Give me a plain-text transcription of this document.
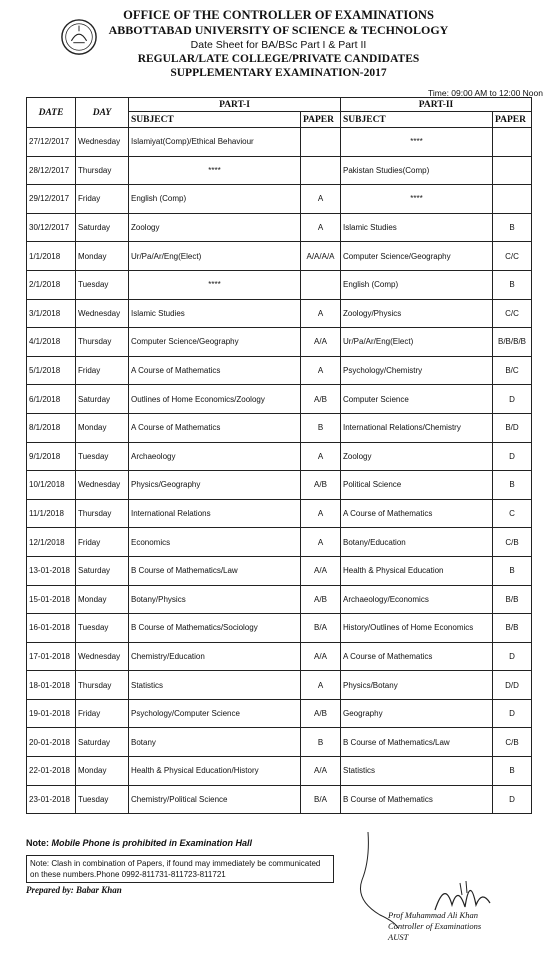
OFFICE OF THE CONTROLLER OF EXAMINATIONS
ABBOTTABAD UNIVERSITY OF SCIENCE & TECHNOLOGY
Date Sheet for BA/BSc Part I & Part II
REGULAR/LATE COLLEGE/PRIVATE CANDIDATES
SUPPLEMENTARY EXAMINATION-2017
Time: 09:00 AM to 12:00 Noon
DATE	DAY	PART-I		PART-II	
		SUBJECT	PAPER	SUBJECT	PAPER
27/12/2017	Wednesday	Islamiyat(Comp)/Ethical Behaviour		****	
28/12/2017	Thursday	****		Pakistan Studies(Comp)	
29/12/2017	Friday	English (Comp)	A	****	
30/12/2017	Saturday	Zoology	A	Islamic Studies	B
1/1/2018	Monday	Ur/Pa/Ar/Eng(Elect)	A/A/A/A	Computer Science/Geography	C/C
2/1/2018	Tuesday	****		English (Comp)	B
3/1/2018	Wednesday	Islamic Studies	A	Zoology/Physics	C/C
4/1/2018	Thursday	Computer Science/Geography	A/A	Ur/Pa/Ar/Eng(Elect)	B/B/B/B
5/1/2018	Friday	A Course of Mathematics	A	Psychology/Chemistry	B/C
6/1/2018	Saturday	Outlines of Home Economics/Zoology	A/B	Computer Science	D
8/1/2018	Monday	A Course of Mathematics	B	International Relations/Chemistry	B/D
9/1/2018	Tuesday	Archaeology	A	Zoology	D
10/1/2018	Wednesday	Physics/Geography	A/B	Political Science	B
11/1/2018	Thursday	International Relations	A	A Course of Mathematics	C
12/1/2018	Friday	Economics	A	Botany/Education	C/B
13-01-2018	Saturday	B Course of Mathematics/Law	A/A	Health & Physical Education	B
15-01-2018	Monday	Botany/Physics	A/B	Archaeology/Economics	B/B
16-01-2018	Tuesday	B Course of Mathematics/Sociology	B/A	History/Outlines of Home Economics	B/B
17-01-2018	Wednesday	Chemistry/Education	A/A	A Course of Mathematics	D
18-01-2018	Thursday	Statistics	A	Physics/Botany	D/D
19-01-2018	Friday	Psychology/Computer Science	A/B	Geography	D
20-01-2018	Saturday	Botany	B	B Course of Mathematics/Law	C/B
22-01-2018	Monday	Health & Physical Education/History	A/A	Statistics	B
23-01-2018	Tuesday	Chemistry/Political Science	B/A	B Course of Mathematics	D
Note: Mobile Phone is prohibited in Examination Hall
Note: Clash in combination of Papers, if found may immediately be communicated on these numbers.Phone 0992-811731-811723-811721
Prepared by: Babar Khan
Prof Muhammad Ali Khan
Controller of Examinations
AUST
